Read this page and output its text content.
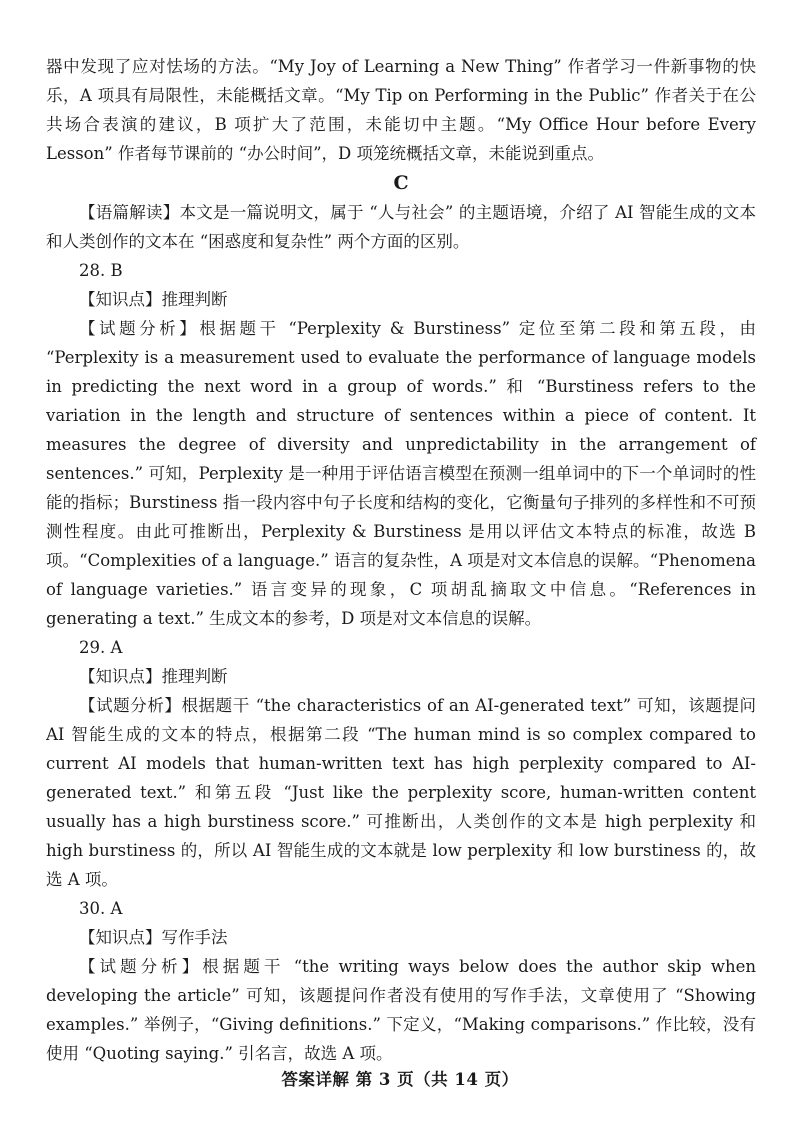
器中发现了应对怯场的方法。“My Joy of Learning a New Thing” 作者学习一件新事物的快乐，A 项具有局限性，未能概括文章。“My Tip on Performing in the Public” 作者关于在公共场合表演的建议，B 项扩大了范围，未能切中主题。“My Office Hour before Every Lesson” 作者每节课前的 “办公时间”，D 项笼统概括文章，未能说到重点。

C

【语篇解读】本文是一篇说明文，属于 “人与社会” 的主题语境，介绍了 AI 智能生成的文本和人类创作的文本在 “困惑度和复杂性” 两个方面的区别。

28. B

【知识点】推理判断

【试题分析】根据题干 “Perplexity & Burstiness” 定位至第二段和第五段，由 “Perplexity is a measurement used to evaluate the performance of language models in predicting the next word in a group of words.” 和 “Burstiness refers to the variation in the length and structure of sentences within a piece of content. It measures the degree of diversity and unpredictability in the arrangement of sentences.” 可知，Perplexity 是一种用于评估语言模型在预测一组单词中的下一个单词时的性能的指标；Burstiness 指一段内容中句子长度和结构的变化，它衡量句子排列的多样性和不可预测性程度。由此可推断出，Perplexity & Burstiness 是用以评估文本特点的标准，故选 B 项。“Complexities of a language.” 语言的复杂性，A 项是对文本信息的误解。“Phenomena of language varieties.” 语言变异的现象，C 项胡乱摘取文中信息。“References in generating a text.” 生成文本的参考，D 项是对文本信息的误解。

29. A

【知识点】推理判断

【试题分析】根据题干 “the characteristics of an AI-generated text” 可知，该题提问 AI 智能生成的文本的特点，根据第二段 “The human mind is so complex compared to current AI models that human-written text has high perplexity compared to AI-generated text.” 和第五段 “Just like the perplexity score, human-written content usually has a high burstiness score.” 可推断出，人类创作的文本是 high perplexity 和 high burstiness 的，所以 AI 智能生成的文本就是 low perplexity 和 low burstiness 的，故选 A 项。

30. A

【知识点】写作手法

【试题分析】根据题干 “the writing ways below does the author skip when developing the article” 可知，该题提问作者没有使用的写作手法，文章使用了 “Showing examples.” 举例子，“Giving definitions.” 下定义，“Making comparisons.” 作比较，没有使用 “Quoting saying.” 引名言，故选 A 项。

答案详解 第 3 页（共 14 页）
